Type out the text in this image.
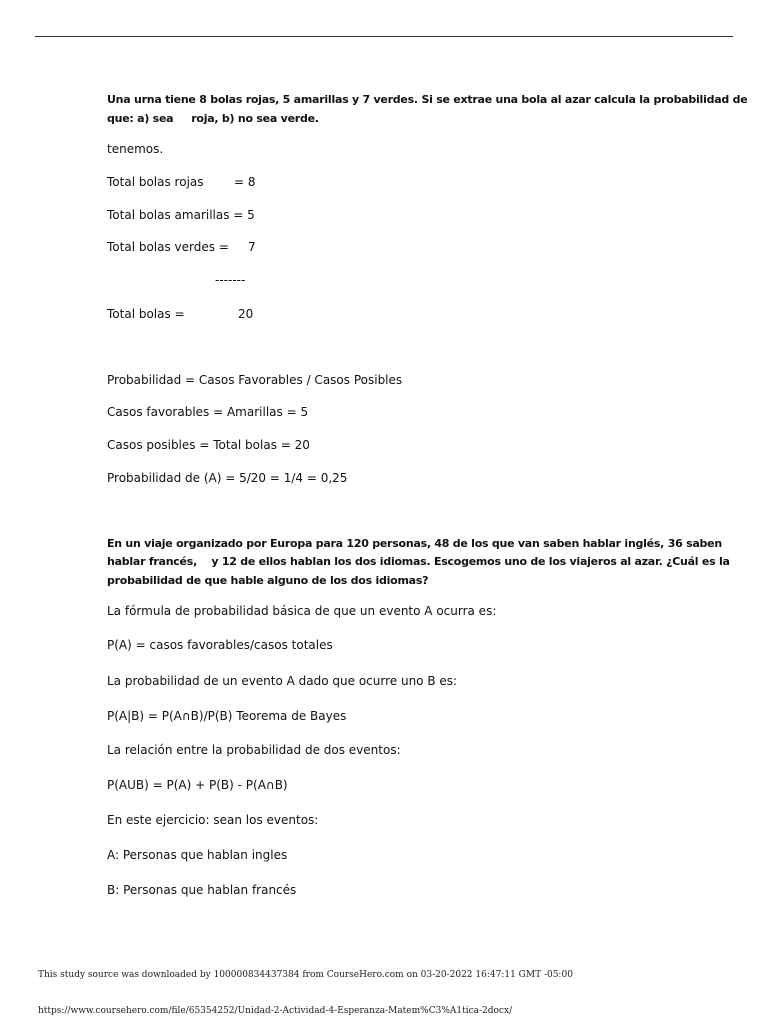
Una urna tiene 8 bolas rojas, 5 amarillas y 7 verdes. Si se extrae una bola al azar calcula la probabilidad de
que: a) sea     roja, b) no sea verde.
tenemos.
Total bolas rojas        = 8
Total bolas amarillas = 5
Total bolas verdes =     7
-------
Total bolas =              20
Probabilidad = Casos Favorables / Casos Posibles
Casos favorables = Amarillas = 5
Casos posibles = Total bolas = 20
Probabilidad de (A) = 5/20 = 1/4 = 0,25
En un viaje organizado por Europa para 120 personas, 48 de los que van saben hablar inglés, 36 saben
hablar francés,    y 12 de ellos hablan los dos idiomas. Escogemos uno de los viajeros al azar. ¿Cuál es la
probabilidad de que hable alguno de los dos idiomas?
La fórmula de probabilidad básica de que un evento A ocurra es:
P(A) = casos favorables/casos totales
La probabilidad de un evento A dado que ocurre uno B es:
P(A|B) = P(A∩B)/P(B) Teorema de Bayes
La relación entre la probabilidad de dos eventos:
P(AUB) = P(A) + P(B) - P(A∩B)
En este ejercicio: sean los eventos:
A: Personas que hablan ingles
B: Personas que hablan francés
This study source was downloaded by 100000834437384 from CourseHero.com on 03-20-2022 16:47:11 GMT -05:00
https://www.coursehero.com/file/65354252/Unidad-2-Actividad-4-Esperanza-Matem%C3%A1tica-2docx/
